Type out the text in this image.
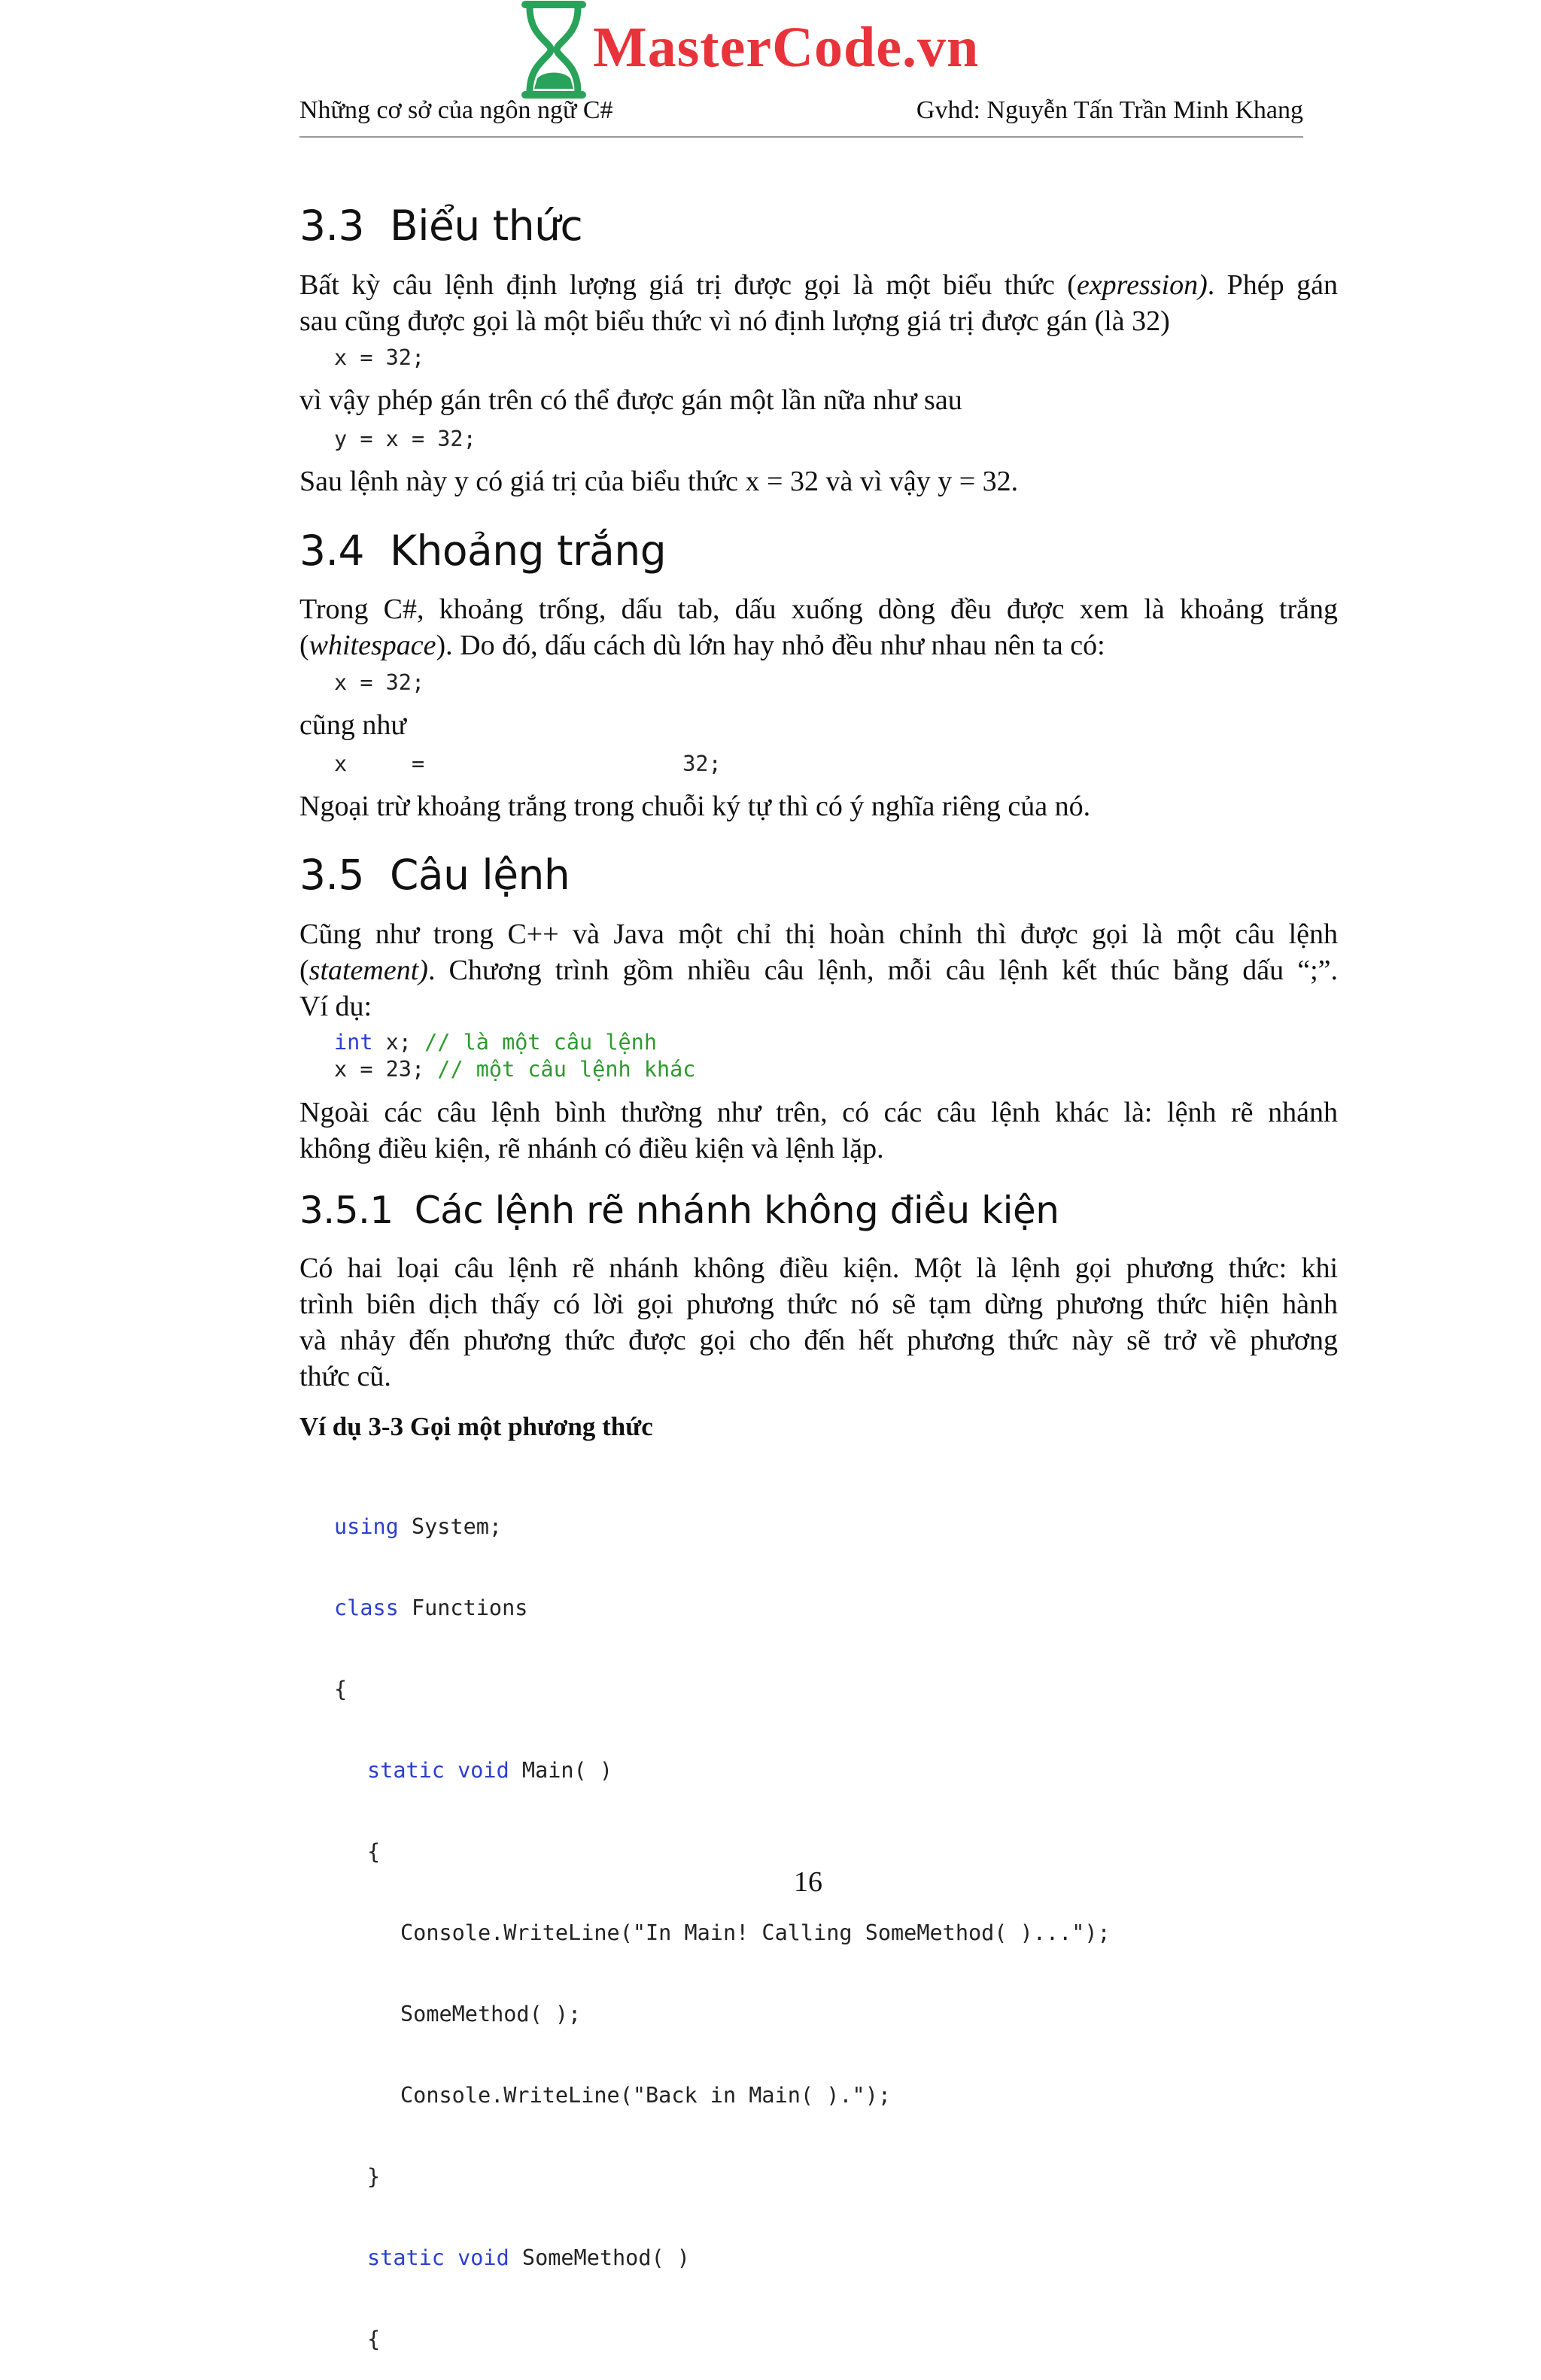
MasterCode.vn
Những cơ sở của ngôn ngữ C#	Gvhd: Nguyễn Tấn Trần Minh Khang
3.3 Biểu thức
Bất kỳ câu lệnh định lượng giá trị được gọi là một biểu thức (expression). Phép gán
sau cũng được gọi là một biểu thức vì nó định lượng giá trị được gán (là 32)
x = 32;
vì vậy phép gán trên có thể được gán một lần nữa như sau
y = x = 32;
Sau lệnh này y có giá trị của biểu thức x = 32 và vì vậy y = 32.
3.4 Khoảng trắng
Trong C#, khoảng trống, dấu tab, dấu xuống dòng đều được xem là khoảng trắng
(whitespace). Do đó, dấu cách dù lớn hay nhỏ đều như nhau nên ta có:
x = 32;
cũng như
x     =                    32;
Ngoại trừ khoảng trắng trong chuỗi ký tự thì có ý nghĩa riêng của nó.
3.5 Câu lệnh
Cũng như trong C++ và Java một chỉ thị hoàn chỉnh thì được gọi là một câu lệnh
(statement). Chương trình gồm nhiều câu lệnh, mỗi câu lệnh kết thúc bằng dấu “;”.
Ví dụ:
int x; // là một câu lệnh
x = 23; // một câu lệnh khác
Ngoài các câu lệnh bình thường như trên, có các câu lệnh khác là: lệnh rẽ nhánh
không điều kiện, rẽ nhánh có điều kiện và lệnh lặp.
3.5.1 Các lệnh rẽ nhánh không điều kiện
Có hai loại câu lệnh rẽ nhánh không điều kiện. Một là lệnh gọi phương thức: khi
trình biên dịch thấy có lời gọi phương thức nó sẽ tạm dừng phương thức hiện hành
và nhảy đến phương thức được gọi cho đến hết phương thức này sẽ trở về phương
thức cũ.
Ví dụ 3-3 Gọi một phương thức

using System;

class Functions

{

static void Main( )

{

Console.WriteLine("In Main! Calling SomeMethod( )...");

SomeMethod( );

Console.WriteLine("Back in Main( ).");

}

static void SomeMethod( )

{

16
